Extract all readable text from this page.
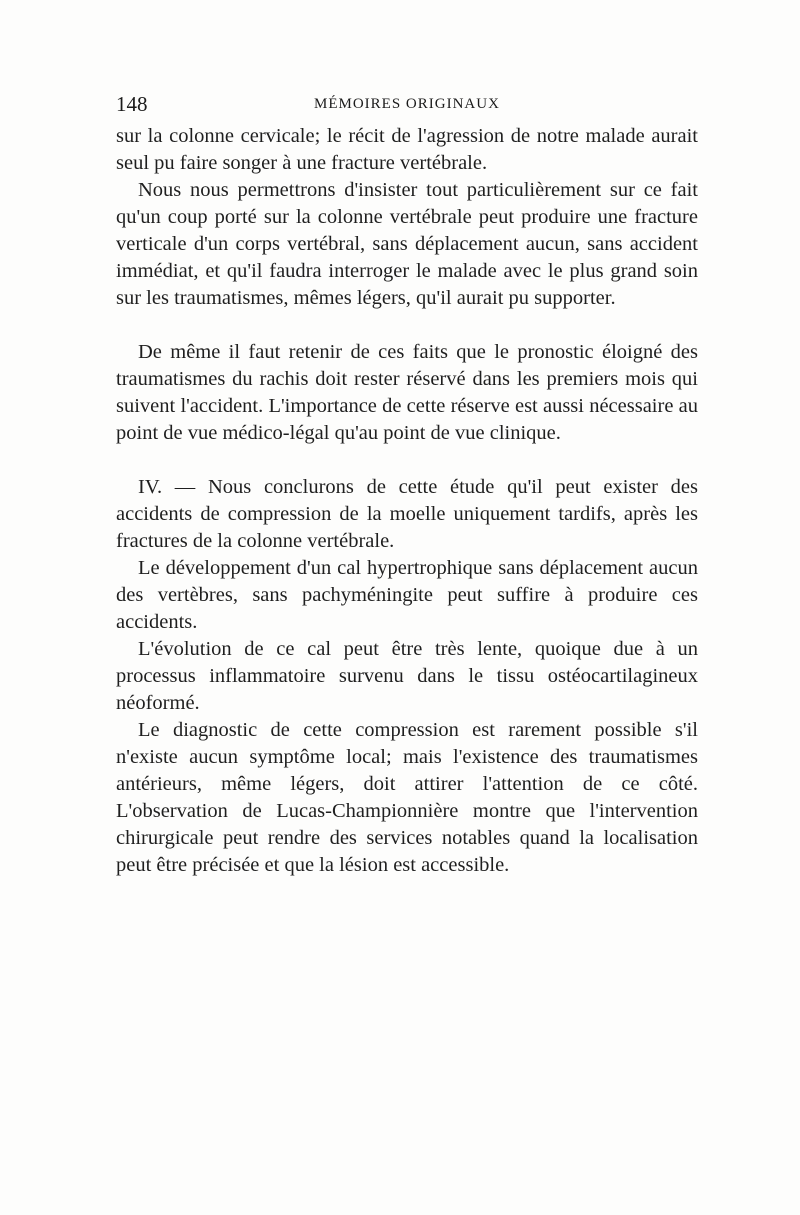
148	MÉMOIRES ORIGINAUX

sur la colonne cervicale; le récit de l'agression de notre malade aurait seul pu faire songer à une fracture vertébrale.

Nous nous permettrons d'insister tout particulièrement sur ce fait qu'un coup porté sur la colonne vertébrale peut produire une fracture verticale d'un corps vertébral, sans déplacement aucun, sans accident immédiat, et qu'il faudra interroger le malade avec le plus grand soin sur les traumatismes, mêmes légers, qu'il aurait pu supporter.

De même il faut retenir de ces faits que le pronostic éloigné des traumatismes du rachis doit rester réservé dans les premiers mois qui suivent l'accident. L'importance de cette réserve est aussi nécessaire au point de vue médico-légal qu'au point de vue clinique.

IV. — Nous conclurons de cette étude qu'il peut exister des accidents de compression de la moelle uniquement tardifs, après les fractures de la colonne vertébrale.

Le développement d'un cal hypertrophique sans déplacement aucun des vertèbres, sans pachyméningite peut suffire à produire ces accidents.

L'évolution de ce cal peut être très lente, quoique due à un processus inflammatoire survenu dans le tissu ostéocartilagineux néoformé.

Le diagnostic de cette compression est rarement possible s'il n'existe aucun symptôme local; mais l'existence des traumatismes antérieurs, même légers, doit attirer l'attention de ce côté. L'observation de Lucas-Championnière montre que l'intervention chirurgicale peut rendre des services notables quand la localisation peut être précisée et que la lésion est accessible.
